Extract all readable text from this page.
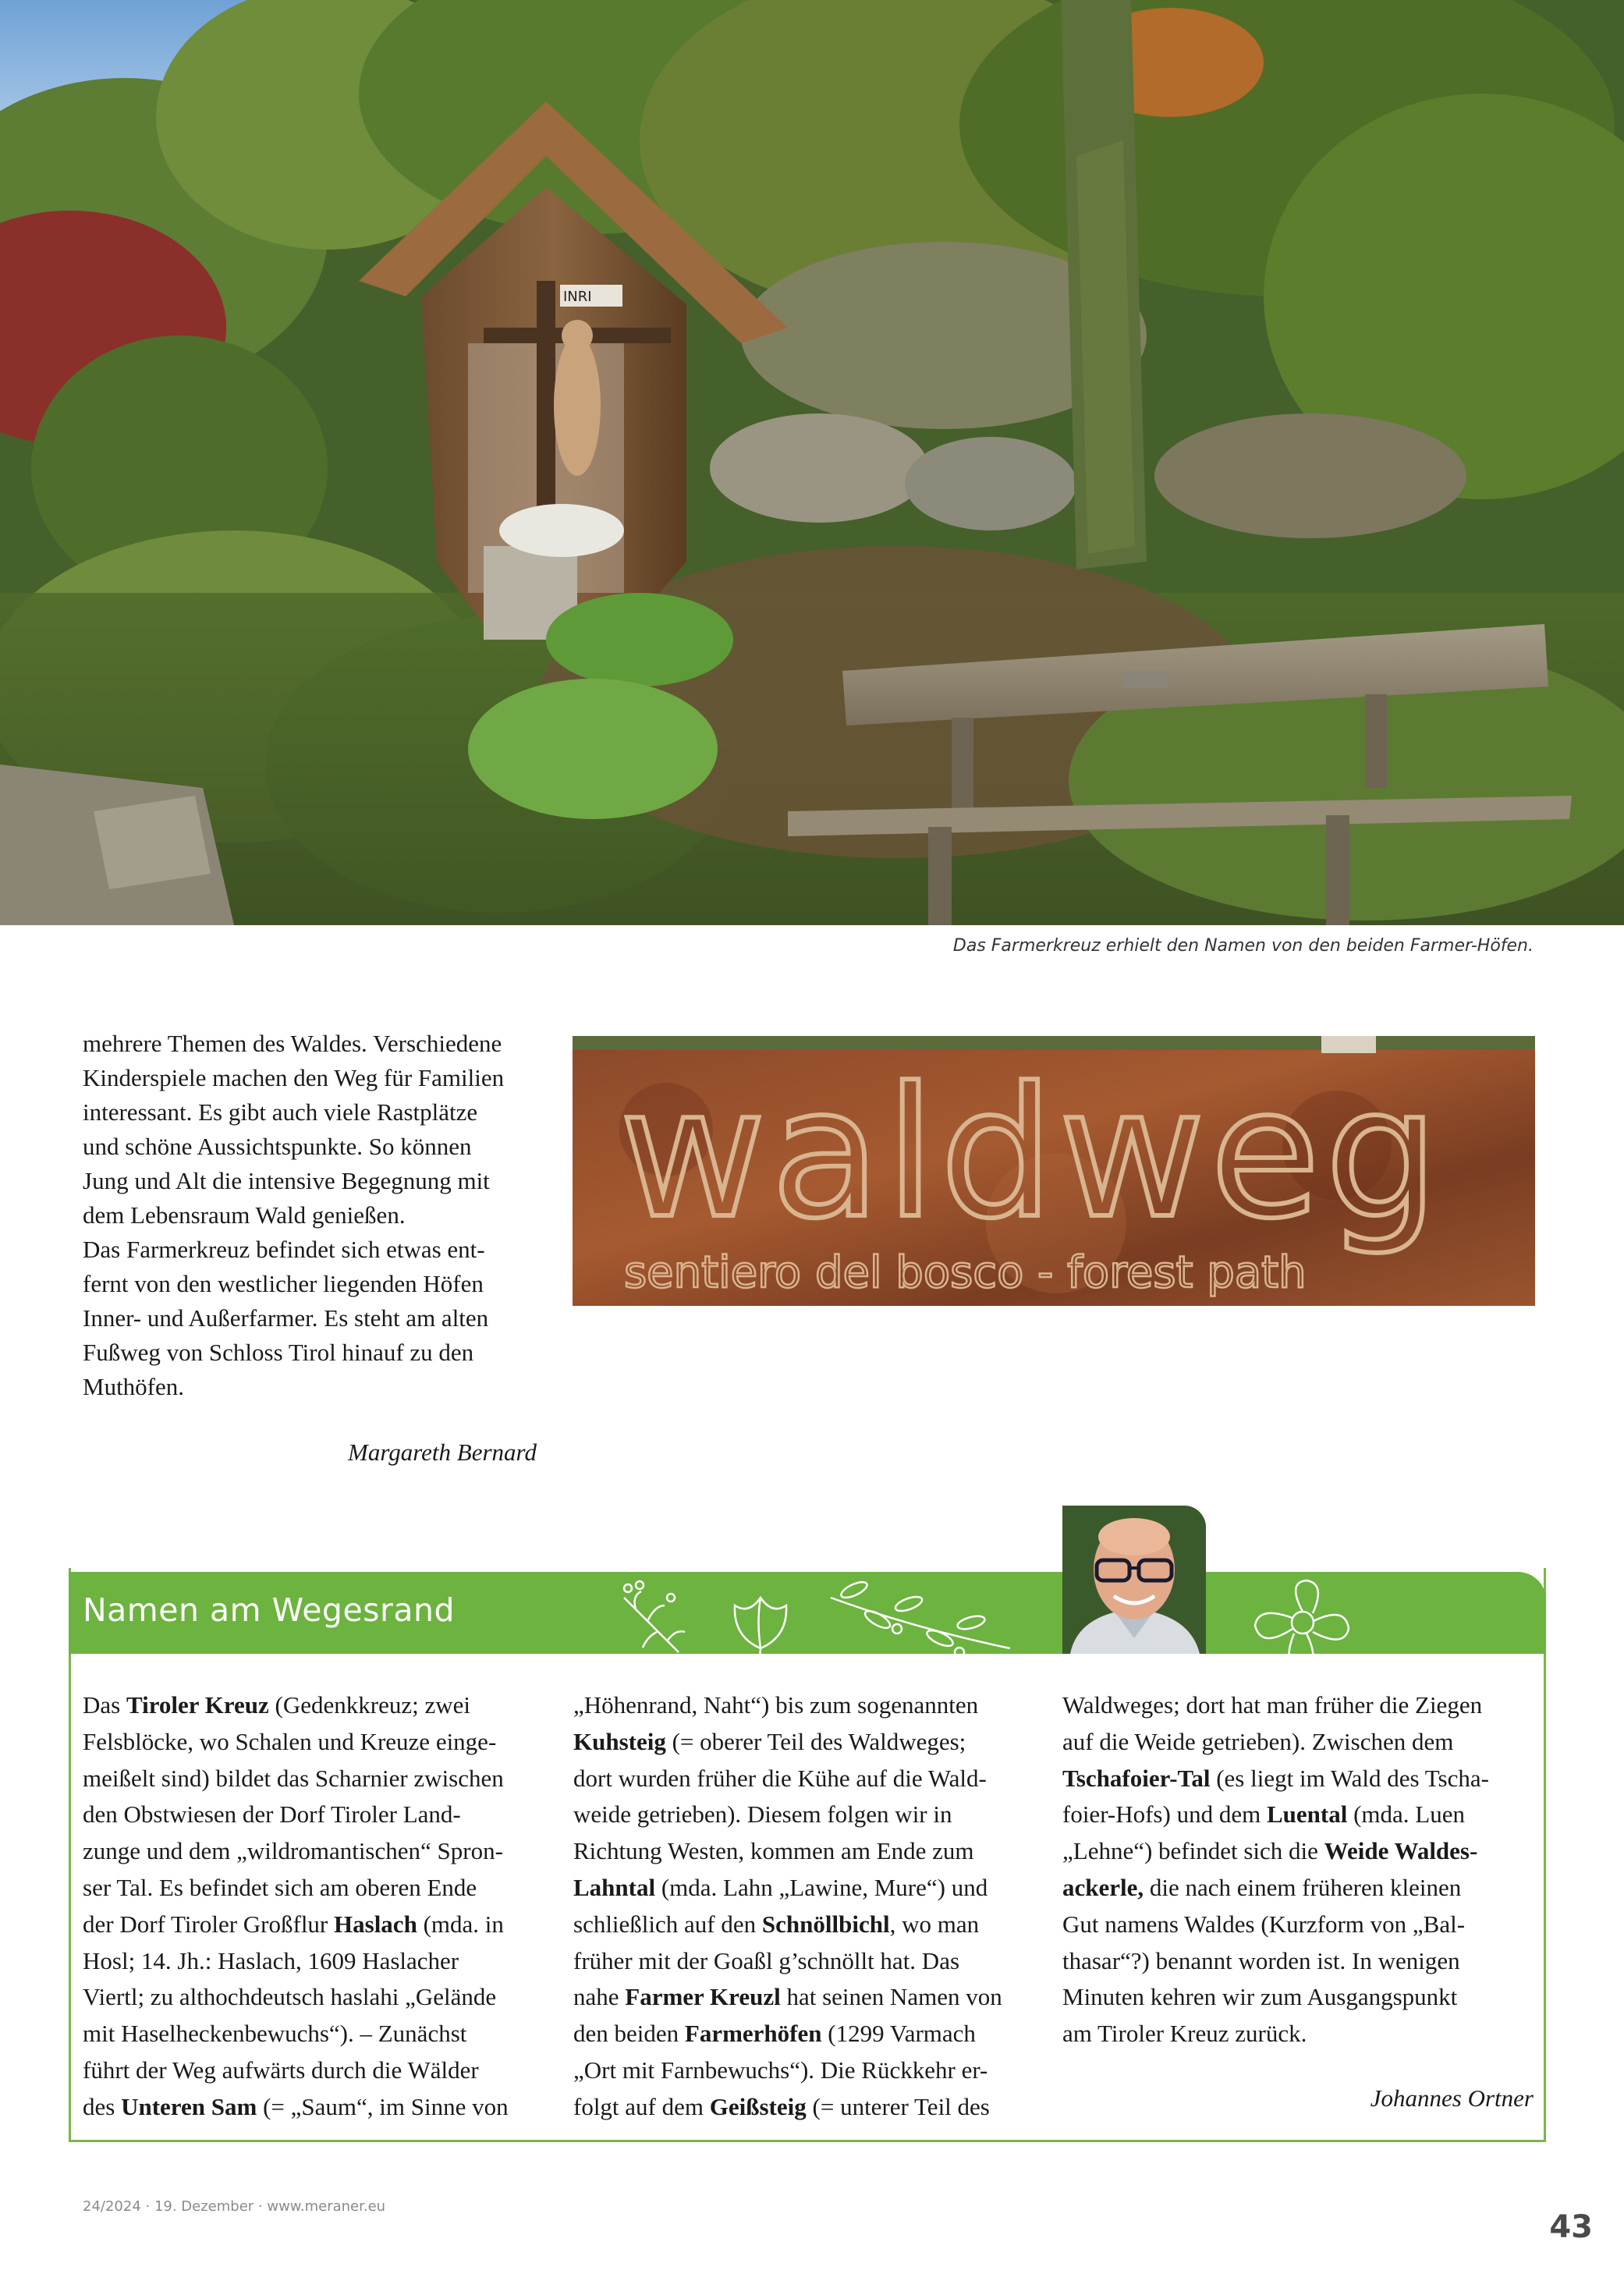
INRI
Das Farmerkreuz erhielt den Namen von den beiden Farmer-Höfen.

mehrere Themen des Waldes. Verschiedene

Kinderspiele machen den Weg für Familien

interessant. Es gibt auch viele Rastplätze

und schöne Aussichtspunkte. So können

Jung und Alt die intensive Begegnung mit

dem Lebensraum Wald genießen.

Das Farmerkreuz befindet sich etwas ent-

fernt von den westlicher liegenden Höfen

Inner- und Außerfarmer. Es steht am alten

Fußweg von Schloss Tirol hinauf zu den

Muthöfen.

Margareth Bernard
waldweg
sentiero del bosco - forest path
Namen am Wegesrand

Das Tiroler Kreuz (Gedenkkreuz; zwei

Felsblöcke, wo Schalen und Kreuze einge-

meißelt sind) bildet das Scharnier zwischen

den Obstwiesen der Dorf Tiroler Land-

zunge und dem „wildromantischen“ Spron-

ser Tal. Es befindet sich am oberen Ende

der Dorf Tiroler Großflur Haslach (mda. in

Hosl; 14. Jh.: Haslach, 1609 Haslacher

Viertl; zu althochdeutsch haslahi „Gelände

mit Haselheckenbewuchs“). – Zunächst

führt der Weg aufwärts durch die Wälder

des Unteren Sam (= „Saum“, im Sinne von

„Höhenrand, Naht“) bis zum sogenannten

Kuhsteig (= oberer Teil des Waldweges;

dort wurden früher die Kühe auf die Wald-

weide getrieben). Diesem folgen wir in

Richtung Westen, kommen am Ende zum

Lahntal (mda. Lahn „Lawine, Mure“) und

schließlich auf den Schnöllbichl, wo man

früher mit der Goaßl g’schnöllt hat. Das

nahe Farmer Kreuzl hat seinen Namen von

den beiden Farmerhöfen (1299 Varmach

„Ort mit Farnbewuchs“). Die Rückkehr er-

folgt auf dem Geißsteig (= unterer Teil des

Waldweges; dort hat man früher die Ziegen

auf die Weide getrieben). Zwischen dem

Tschafoier-Tal (es liegt im Wald des Tscha-

foier-Hofs) und dem Luental (mda. Luen

„Lehne“) befindet sich die Weide Waldes-

ackerle, die nach einem früheren kleinen

Gut namens Waldes (Kurzform von „Bal-

thasar“?) benannt worden ist. In wenigen

Minuten kehren wir zum Ausgangspunkt

am Tiroler Kreuz zurück.

Johannes Ortner
24/2024 · 19. Dezember · www.meraner.eu
43
